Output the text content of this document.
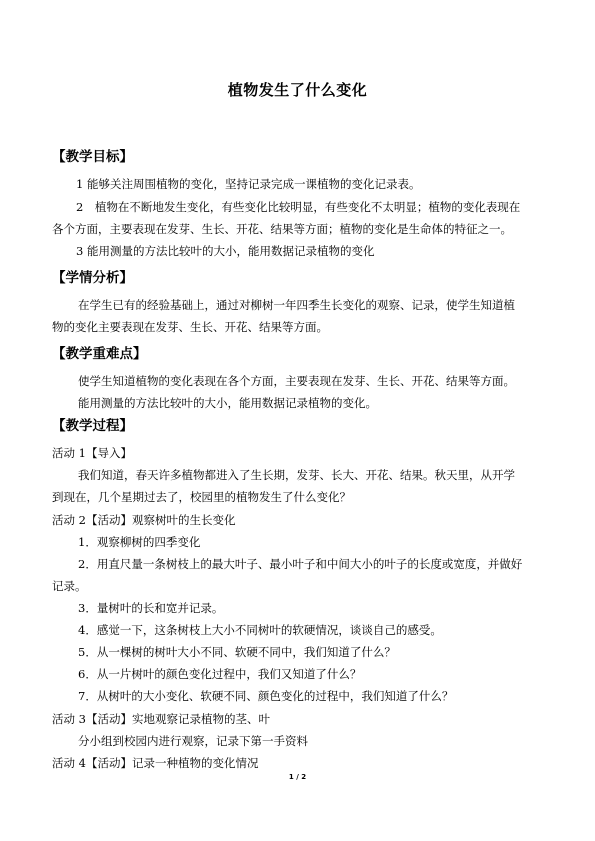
植物发生了什么变化
【教学目标】
1 能够关注周围植物的变化，坚持记录完成一课植物的变化记录表。
2　植物在不断地发生变化，有些变化比较明显，有些变化不太明显；植物的变化表现在
各个方面，主要表现在发芽、生长、开花、结果等方面；植物的变化是生命体的特征之一。
3 能用测量的方法比较叶的大小，能用数据记录植物的变化
【学情分析】
在学生已有的经验基础上，通过对柳树一年四季生长变化的观察、记录，使学生知道植
物的变化主要表现在发芽、生长、开花、结果等方面。
【教学重难点】
使学生知道植物的变化表现在各个方面，主要表现在发芽、生长、开花、结果等方面。
能用测量的方法比较叶的大小，能用数据记录植物的变化。
【教学过程】
活动 1【导入】
我们知道，春天许多植物都进入了生长期，发芽、长大、开花、结果。秋天里，从开学
到现在，几个星期过去了，校园里的植物发生了什么变化？
活动 2【活动】观察树叶的生长变化
1．观察柳树的四季变化
2．用直尺量一条树枝上的最大叶子、最小叶子和中间大小的叶子的长度或宽度，并做好
记录。
3．量树叶的长和宽并记录。
4．感觉一下，这条树枝上大小不同树叶的软硬情况，谈谈自己的感受。
5．从一棵树的树叶大小不同、软硬不同中，我们知道了什么？
6．从一片树叶的颜色变化过程中，我们又知道了什么？
7．从树叶的大小变化、软硬不同、颜色变化的过程中，我们知道了什么？
活动 3【活动】实地观察记录植物的茎、叶
分小组到校园内进行观察，记录下第一手资料
活动 4【活动】记录一种植物的变化情况
1 / 2
